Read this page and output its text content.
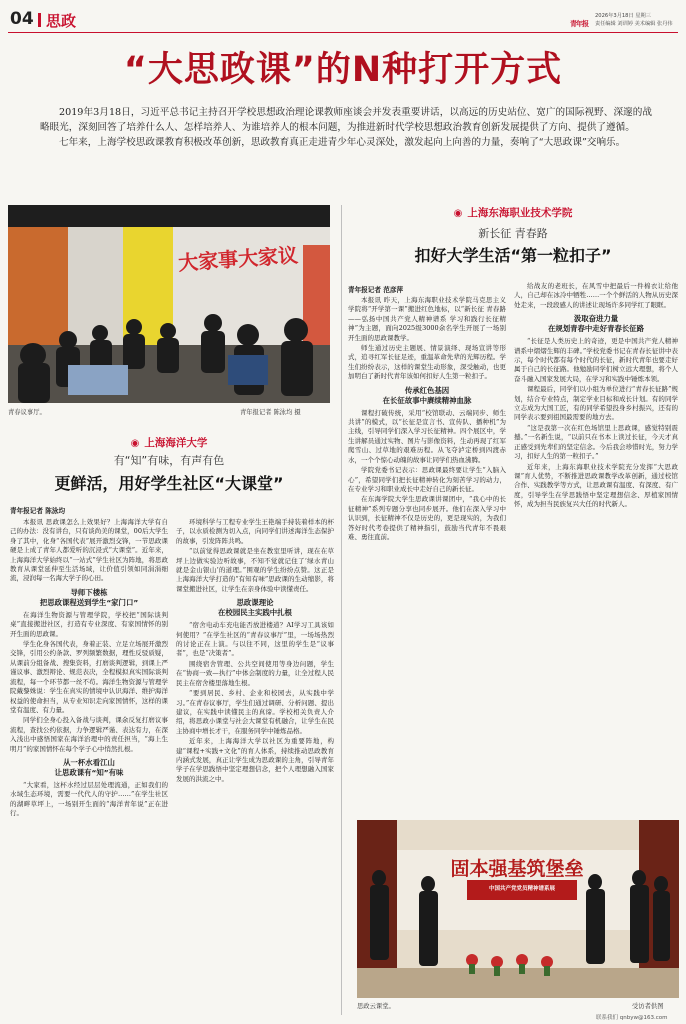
04 思政	青年报
2026年3月18日 星期三
责任编辑 刘训婷 美术编辑 张丹伟
“大思政课”的N种打开方式

2019年3月18日，习近平总书记主持召开学校思想政治理论课教师座谈会并发表重要讲话，以高远的历史站位、宽广的国际视野、深邃的战略眼光，深刻回答了培养什么人、怎样培养人、为谁培养人的根本问题，为推进新时代学校思想政治教育创新发展提供了方向、提供了遵循。

七年来，上海学校思政课教育积极改革创新，思政教育真正走进青少年心灵深处，激发起向上向善的力量，奏响了“大思政课”交响乐。

大家事大家议
青春议事厅。	青年报记者 陈泳均 摄
◉ 上海海洋大学
有“知”有味，有声有色
更鲜活，用好学生社区“大课堂”
青年报记者 陈泳均

本报讯 思政课怎么上效果好？上海海洋大学有自己的办法：没有讲台，只有谈尚美的课堂，00后大学生身了其中，化身“各国代表”展开激烈交锋，一节思政课硬是上成了青年人都爱听的沉浸式“大课堂”。近年来，上海海洋大学始终以“一站式”学生社区为阵地，将思政教育从课堂延伸至生活场域，让价值引领如同涓涓细流，浸润每一名海大学子的心田。

导师下楼栋
把思政课程送到学生“家门口”

在海洋生物资源与管理学院，学校把“国际谈判桌”直接搬进社区，打造有专业深度、有家国情怀的别开生面的思政课。

学生化身各国代表，身着正装、立足立场展开激烈交锋，引用公约条款、罗列频繁数据，理性反驳质疑，从课前分组备战、搜集资料，打磨谈判逻辑，到课上严谨议事、激烈辩论、规范表决，全程模拟真实国际谈判流程，每一个环节都一丝不苟。海洋生物资源与管理学院戴黎姝说：学生在真实的情境中认识海洋、维护海洋权益的使命担当，从专业知识走向家国情怀，这样的课堂有温度、有力量。

同学们全身心投入备战与谈判，课余反复打磨议事流程，查找公约依据，力争逻辑严谨、表达有力，在深入浅出中感悟国家在海洋治理中的责任担当，“海上生明月”的家国情怀在每个学子心中悄然扎根。

从一杯水看江山
让思政课有“知”有味

“大家看，这杯水经过层层处理流通，正如我们的水域生态环境，需要一代代人的守护……”在学生社区的湖畔草坪上，一场别开生面的“海洋青年说”正在进行。

环境科学与工程专业学生王艳端手持装着样本的杯子，以水质检测为切入点，向同学们讲述海洋生态保护的故事，引发阵阵共鸣。

“以前觉得思政课就是坐在教室里听讲，现在在草坪上边做实验边听故事，不知不觉就记住了‘绿水青山就是金山银山’的道理。”围观的学生纷纷点赞。这正是上海海洋大学打造的“有知有味”思政课的生动缩影，将课堂搬进社区，让学生在亲身体验中读懂责任。

思政课理论
在校园民主实践中扎根

“宿舍电动车充电能否放进楼道？AI学习工具该如何使用？”在学生社区的“青春议事厅”里，一场场热烈的讨论正在上演。与以往不同，这里的学生是“议事者”，也是“决策者”。

围绕宿舍管理、公共空间使用等身边问题，学生在“协商一致—执行”中体会制度的力量，让全过程人民民主在宿舍楼里落地生根。

“要到居民、乡村、企业和校园去，从实践中学习。”在青春议事厅，学生们通过调研、分析问题、提出建议，在实践中读懂民主的真谛。学校相关负责人介绍，将思政小课堂与社会大课堂有机融合，让学生在民主协商中增长才干，在服务同学中锤炼品格。

近年来，上海海洋大学以社区为重要阵地，构建“课程+实践+文化”的育人体系，持续推动思政教育内涵式发展，真正让学生成为思政课的主角，引导青年学子在学思践悟中坚定理想信念，把个人理想融入国家发展的洪流之中。

◉ 上海东海职业技术学院
新长征 青春路
扣好大学生活“第一粒扣子”
青年报记者 范彦萍

本报讯 昨天，上海东海职业技术学院马克思主义学院将“开学第一课”搬进红色地标，以“新长征 青春路——弘扬中国共产党人精神谱系 学习和践行长征精神”为主题，面向2025级3000余名学生开展了一场别开生面的思政课教学。

师生通过历史主题展、情景演绎、现场宣讲等形式，追寻红军长征足迹，重温革命先辈的光辉历程。学生们纷纷表示，这样的课堂生动形象，深受触动，也更加明白了新时代青年该如何扣好人生第一粒扣子。

传承红色基因
在长征故事中赓续精神血脉

课程打破传统，采用“校馆联动、云端同步、师生共讲”的模式，以“长征是宣言书、宣传队、播种机”为主线，引导同学们深入学习长征精神。四个展区中，学生讲解员通过实物、图片与影像资料，生动再现了红军爬雪山、过草地的艰难历程。从飞夺泸定桥到四渡赤水，一个个惊心动魄的故事让同学们热血沸腾。

学院党委书记表示：思政课最终要让学生“入脑入心”，希望同学们把长征精神转化为刻苦学习的动力，在专业学习和职业成长中走好自己的新长征。

在东海学院大学生思政课讲课团中，“我心中的长征精神”系列专题分享也同步展开。他们在深入学习中认识到，长征精神不仅是历史的，更是现实的，为我们答好时代考卷提供了精神指引，鼓励当代青年不畏艰难、勇往直前。

给战友的老班长，在风雪中把最后一件棉衣让给他人，自己却在冰冷中牺牲……一个个鲜活的人物从历史深处走来，一段段感人的讲述让现场许多同学红了眼眶。

汲取奋进力量
在规划青春中走好青春长征路

“长征是人类历史上的奇迹，更是中国共产党人精神谱系中熠熠生辉的丰碑。”学校党委书记在青春长征讲中表示，每个时代都有每个时代的长征，新时代青年也要走好属于自己的长征路。他勉励同学们树立远大理想，将个人奋斗融入国家发展大局，在学习和实践中锤炼本领。

课程最后，同学们以小组为单位进行“青春长征路”规划，结合专业特点，制定学业目标和成长计划。有的同学立志成为大国工匠，有的同学希望投身乡村振兴，还有的同学表示要到祖国最需要的地方去。

“这是我第一次在红色场馆里上思政课，感觉特别震撼。”一名新生说，“以前只在书本上读过长征，今天才真正感受到先辈们的坚定信念。今后我会珍惜时光，努力学习，扣好人生的第一粒扣子。”

近年来，上海东海职业技术学院充分发挥“大思政课”育人优势，不断推进思政课教学改革创新，通过校馆合作、实践教学等方式，让思政课有温度、有深度、有广度，引导学生在学思践悟中坚定理想信念、厚植家国情怀，成为担当民族复兴大任的时代新人。

固本强基筑堡垒
中国共产党党员精神谱系展
思政云课堂。	受访者供图
联系我们 qnbyw@163.com
